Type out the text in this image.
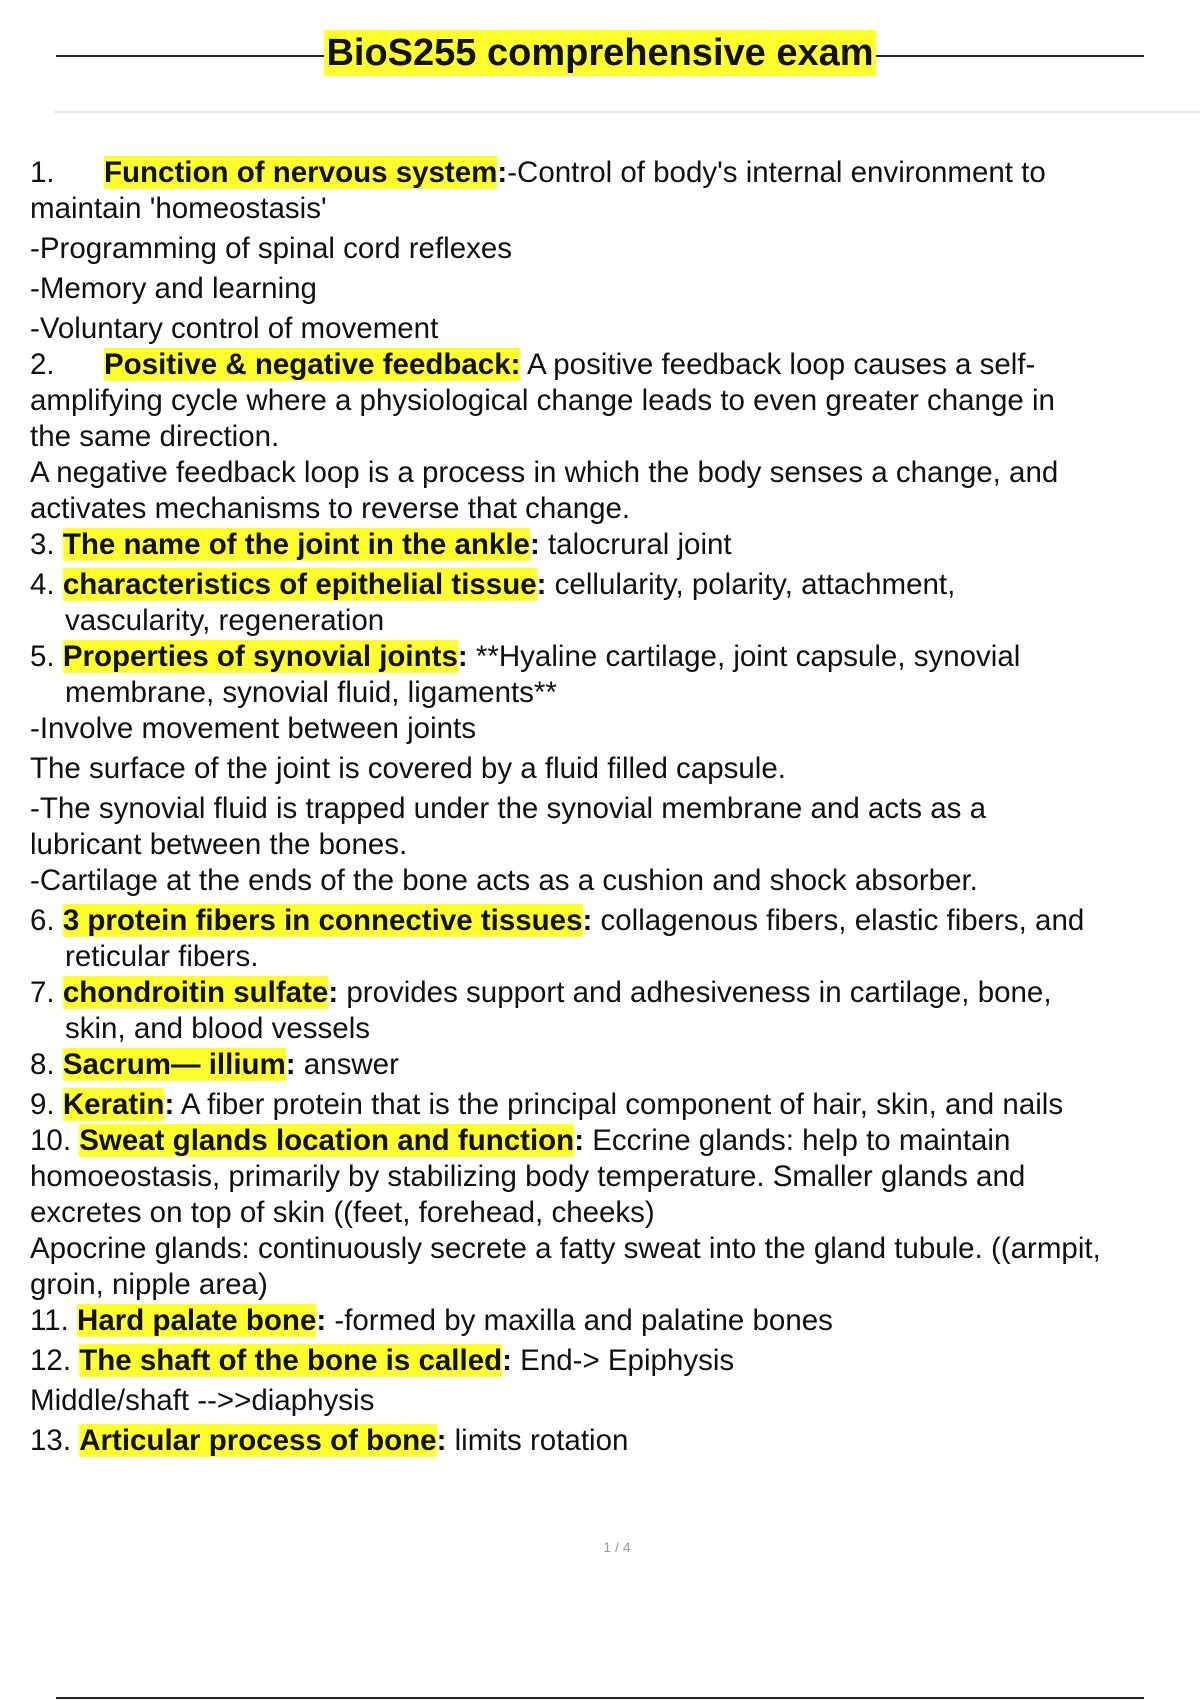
BioS255 comprehensive exam
1. Function of nervous system:-Control of body's internal environment to
maintain 'homeostasis'
-Programming of spinal cord reflexes
-Memory and learning
-Voluntary control of movement
2. Positive & negative feedback: A positive feedback loop causes a self-
amplifying cycle where a physiological change leads to even greater change in
the same direction.
A negative feedback loop is a process in which the body senses a change, and
activates mechanisms to reverse that change.
3. The name of the joint in the ankle: talocrural joint
4. characteristics of epithelial tissue: cellularity, polarity, attachment,
vascularity, regeneration
5. Properties of synovial joints: **Hyaline cartilage, joint capsule, synovial
membrane, synovial fluid, ligaments**
-Involve movement between joints
The surface of the joint is covered by a fluid filled capsule.
-The synovial fluid is trapped under the synovial membrane and acts as a
lubricant between the bones.
-Cartilage at the ends of the bone acts as a cushion and shock absorber.
6. 3 protein fibers in connective tissues: collagenous fibers, elastic fibers, and
reticular fibers.
7. chondroitin sulfate: provides support and adhesiveness in cartilage, bone,
skin, and blood vessels
8. Sacrum— illium: answer
9. Keratin: A fiber protein that is the principal component of hair, skin, and nails
10. Sweat glands location and function: Eccrine glands: help to maintain
homoeostasis, primarily by stabilizing body temperature. Smaller glands and
excretes on top of skin ((feet, forehead, cheeks)
Apocrine glands: continuously secrete a fatty sweat into the gland tubule. ((armpit,
groin, nipple area)
11. Hard palate bone: -formed by maxilla and palatine bones
12. The shaft of the bone is called: End-> Epiphysis
Middle/shaft -->>diaphysis
13. Articular process of bone: limits rotation
1 / 4
